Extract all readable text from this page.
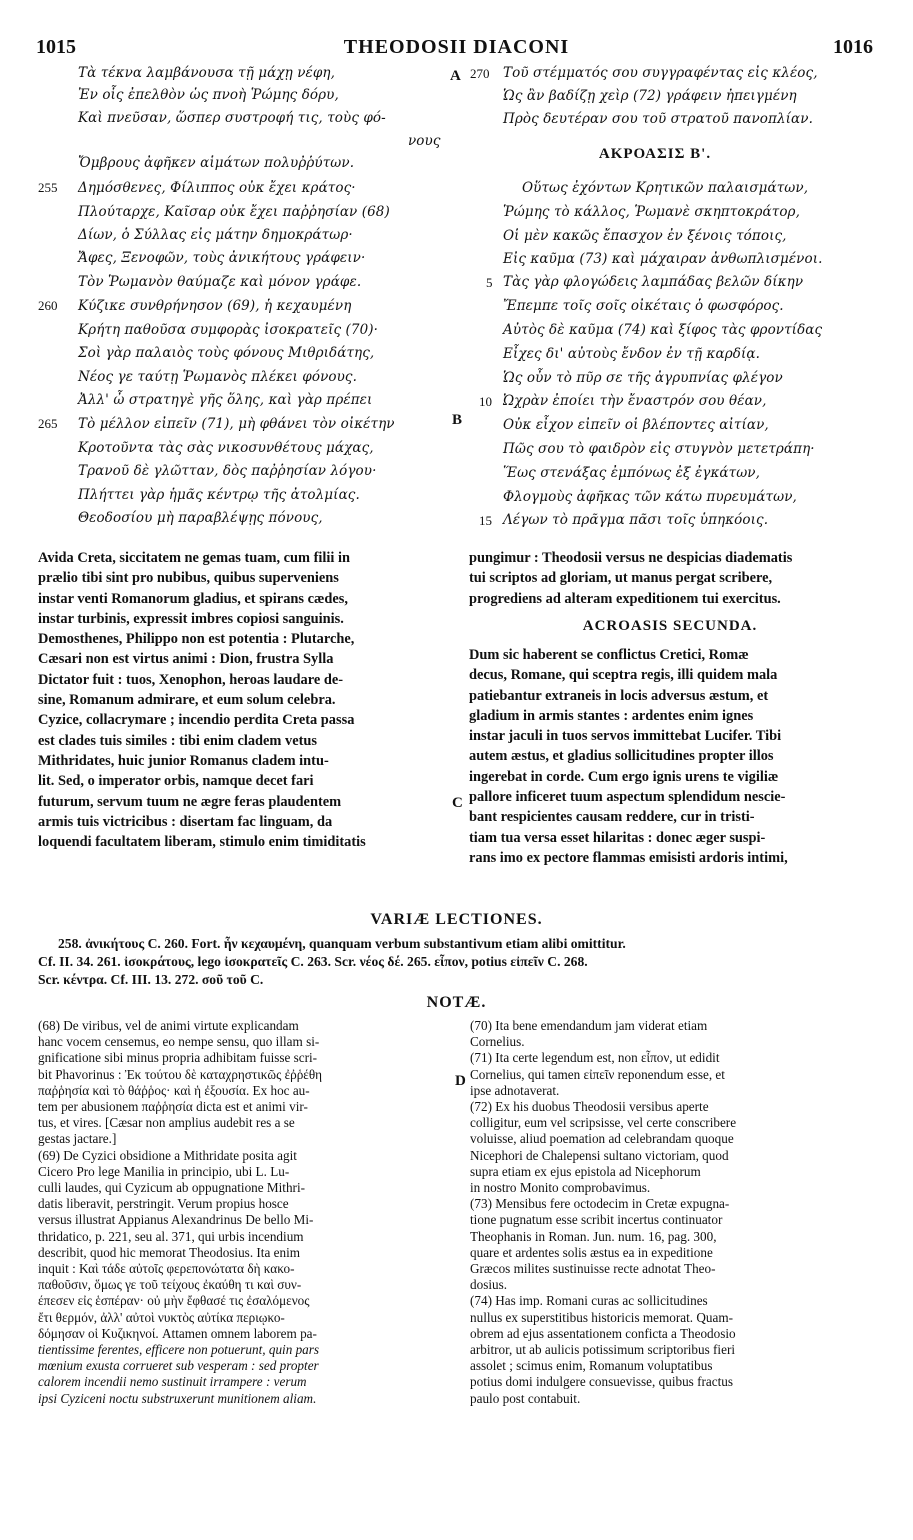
1015	THEODOSII DIACONI	1016
A
B
C
D
Τὰ τέκνα λαμβάνουσα τῇ μάχῃ νέφη,
Ἐν οἷς ἐπελθὸν ὡς πνοὴ Ῥώμης δόρυ,
Καὶ πνεῦσαν, ὥσπερ συστροφή τις, τοὺς φό-
νους
Ὄμβρους ἀφῆκεν αἱμάτων πολυῤῥύτων.
Δημόσθενες, Φίλιππος οὐκ ἔχει κράτος·
Πλούταρχε, Καῖσαρ οὐκ ἔχει παῤῥησίαν (68)
Δίων, ὁ Σύλλας εἰς μάτην δημοκράτωρ·
Ἄφες, Ξενοφῶν, τοὺς ἀνικήτους γράφειν·
Τὸν Ῥωμανὸν θαύμαζε καὶ μόνον γράφε.
Κύζικε συνθρήνησον (69), ἡ κεχαυμένη
Κρήτη παθοῦσα συμφορὰς ἰσοκρατεῖς (70)·
Σοὶ γὰρ παλαιὸς τοὺς φόνους Μιθριδάτης,
Νέος γε ταύτῃ Ῥωμανὸς πλέκει φόνους.
Ἀλλ' ὦ στρατηγὲ γῆς ὅλης, καὶ γὰρ πρέπει
Τὸ μέλλον εἰπεῖν (71), μὴ φθάνει τὸν οἰκέτην
Κροτοῦντα τὰς σὰς νικοσυνθέτους μάχας,
Τρανοῦ δὲ γλῶτταν, δὸς παῤῥησίαν λόγου·
Πλήττει γὰρ ἡμᾶς κέντρῳ τῆς ἀτολμίας.
Θεοδοσίου μὴ παραβλέψῃς πόνους,
255
260
265
270 Τοῦ στέμματός σου συγγραφέντας εἰς κλέος,
Ὡς ἂν βαδίζῃ χεὶρ (72) γράφειν ἠπειγμένη
Πρὸς δευτέραν σου τοῦ στρατοῦ πανοπλίαν.
ΑΚΡΟΑΣΙΣ Β'.
Οὕτως ἐχόντων Κρητικῶν παλαισμάτων,
Ῥώμης τὸ κάλλος, Ῥωμανὲ σκηπτοκράτορ,
Οἱ μὲν κακῶς ἔπασχον ἐν ξένοις τόποις,
Εἰς καῦμα (73) καὶ μάχαιραν ἀνθωπλισμένοι.
5 Τὰς γὰρ φλογώδεις λαμπάδας βελῶν δίκην
Ἔπεμπε τοῖς σοῖς οἰκέταις ὁ φωσφόρος.
Αὐτὸς δὲ καῦμα (74) καὶ ξίφος τὰς φροντίδας
Εἶχες δι' αὐτοὺς ἔνδον ἐν τῇ καρδίᾳ.
Ὡς οὖν τὸ πῦρ σε τῆς ἀγρυπνίας φλέγον
10 Ὠχρὰν ἐποίει τὴν ἔναστρόν σου θέαν,
Οὐκ εἶχον εἰπεῖν οἱ βλέποντες αἰτίαν,
Πῶς σου τὸ φαιδρὸν εἰς στυγνὸν μετετράπη·
Ἕως στενάξας ἐμπόνως ἐξ ἐγκάτων,
Φλογμοὺς ἀφῆκας τῶν κάτω πυρευμάτων,
15 Λέγων τὸ πρᾶγμα πᾶσι τοῖς ὑπηκόοις.
Avida Creta, siccitatem ne gemas tuam, cum filii in
prælio tibi sint pro nubibus, quibus superveniens
instar venti Romanorum gladius, et spirans cædes,
instar turbinis, expressit imbres copiosi sanguinis.
Demosthenes, Philippo non est potentia : Plutarche,
Cæsari non est virtus animi : Dion, frustra Sylla
Dictator fuit : tuos, Xenophon, heroas laudare de-
sine, Romanum admirare, et eum solum celebra.
Cyzice, collacrymare ; incendio perdita Creta passa
est clades tuis similes : tibi enim cladem vetus
Mithridates, huic junior Romanus cladem intu-
lit. Sed, o imperator orbis, namque decet fari
futurum, servum tuum ne ægre feras plaudentem
armis tuis victricibus : disertam fac linguam, da
loquendi facultatem liberam, stimulo enim timiditatis
pungimur : Theodosii versus ne despicias diadematis
tui scriptos ad gloriam, ut manus pergat scribere,
progrediens ad alteram expeditionem tui exercitus.
ACROASIS SECUNDA.
Dum sic haberent se conflictus Cretici, Romæ
decus, Romane, qui sceptra regis, illi quidem mala
patiebantur extraneis in locis adversus æstum, et
gladium in armis stantes : ardentes enim ignes
instar jaculi in tuos servos immittebat Lucifer. Tibi
autem æstus, et gladius sollicitudines propter illos
ingerebat in corde. Cum ergo ignis urens te vigiliæ
pallore inficeret tuum aspectum splendidum nescie-
bant respicientes causam reddere, cur in tristi-
tiam tua versa esset hilaritas : donec æger suspi-
rans imo ex pectore flammas emisisti ardoris intimi,
VARIÆ LECTIONES.
258. ἀνικήτους C. 260. Fort. ἦν κεχαυμένη, quanquam verbum substantivum etiam alibi omittitur.
Cf. II. 34. 261. ἰσοκράτους, lego ἰσοκρατεῖς C. 263. Scr. νέος δέ. 265. εἶπον, potius εἰπεῖν C. 268.
Scr. κέντρα. Cf. III. 13. 272. σοῦ τοῦ C.
NOTÆ.
(68) De viribus, vel de animi virtute explicandam
hanc vocem censemus, eo nempe sensu, quo illam si-
gnificatione sibi minus propria adhibitam fuisse scri-
bit Phavorinus : Ἐκ τούτου δὲ καταχρηστικῶς ἐῤῥέθη
παῤῥησία καὶ τὸ θάῤῥος· καὶ ἡ ἐξουσία. Ex hoc au-
tem per abusionem παῤῥησία dicta est et animi vir-
tus, et vires. [Cæsar non amplius audebit res a se
gestas jactare.]
(69) De Cyzici obsidione a Mithridate posita agit
Cicero Pro lege Manilia in principio, ubi L. Lu-
culli laudes, qui Cyzicum ab oppugnatione Mithri-
datis liberavit, perstringit. Verum propius hosce
versus illustrat Appianus Alexandrinus De bello Mi-
thridatico, p. 221, seu al. 371, qui urbis incendium
describit, quod hic memorat Theodosius. Ita enim
inquit : Καὶ τάδε αὐτοῖς φερεπονώτατα δὴ κακο-
παθοῦσιν, ὅμως γε τοῦ τείχους ἐκαύθη τι καὶ συν-
έπεσεν εἰς ἑσπέραν· οὐ μὴν ἔφθασέ τις ἐσαλόμενος
ἔτι θερμόν, ἀλλ' αὐτοὶ νυκτὸς αὐτίκα περιῳκο-
δόμησαν οἱ Κυζικηνοί. Attamen omnem laborem pa-
tientissime ferentes, efficere non potuerunt, quin pars
mœnium exusta corrueret sub vesperam : sed propter
calorem incendii nemo sustinuit irrampere : verum
ipsi Cyziceni noctu substruxerunt munitionem aliam.
(70) Ita bene emendandum jam viderat etiam
Cornelius.
(71) Ita certe legendum est, non εἶπον, ut edidit
Cornelius, qui tamen εἰπεῖν reponendum esse, et
ipse adnotaverat.
(72) Ex his duobus Theodosii versibus aperte
colligitur, eum vel scripsisse, vel certe conscribere
voluisse, aliud poemation ad celebrandam quoque
Nicephori de Chalepensi sultano victoriam, quod
supra etiam ex ejus epistola ad Nicephorum
in nostro Monito comprobavimus.
(73) Mensibus fere octodecim in Cretæ expugna-
tione pugnatum esse scribit incertus continuator
Theophanis in Roman. Jun. num. 16, pag. 300,
quare et ardentes solis æstus ea in expeditione
Græcos milites sustinuisse recte adnotat Theo-
dosius.
(74) Has imp. Romani curas ac sollicitudines
nullus ex superstitibus historicis memorat. Quam-
obrem ad ejus assentationem conficta a Theodosio
arbitror, ut ab aulicis potissimum scriptoribus fieri
assolet ; scimus enim, Romanum voluptatibus
potius domi indulgere consuevisse, quibus fractus
paulo post contabuit.
